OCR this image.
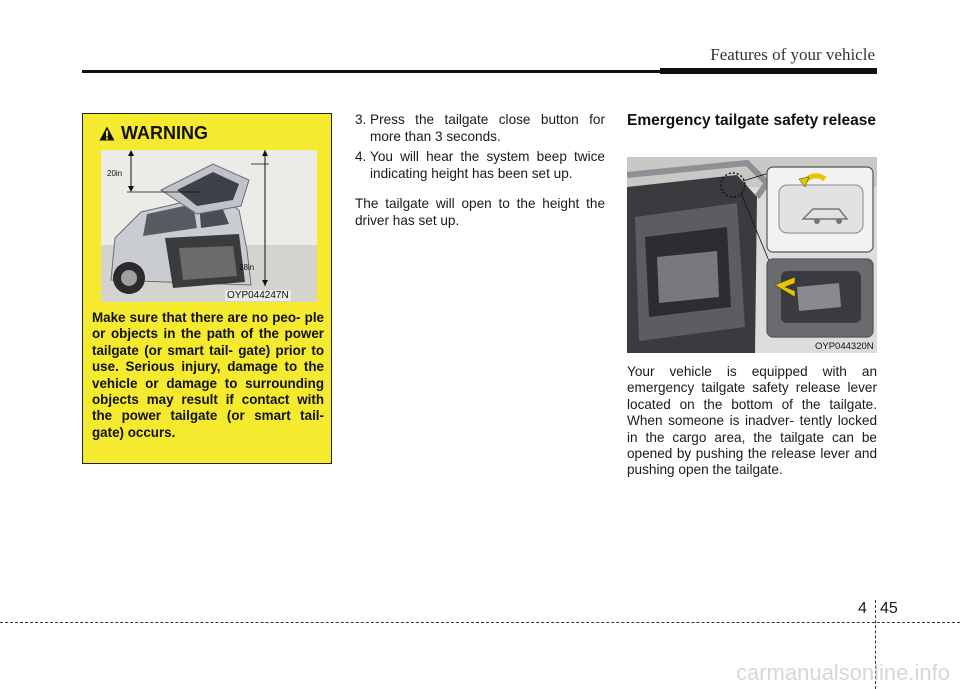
Features of your vehicle
WARNING
20in
28in
OYP044247N
Make sure that there are no peo- ple or objects in the path of the power tailgate (or smart tail- gate) prior to use. Serious injury, damage to the vehicle or damage to surrounding objects may result if contact with the power tailgate (or smart tail- gate) occurs.
3. Press the tailgate close button for more than 3 seconds.
4. You will hear the system beep twice indicating height has been set up.
The tailgate will open to the height the driver has set up.
Emergency tailgate safety release
OYP044320N
Your vehicle is equipped with an emergency tailgate safety release lever located on the bottom of the tailgate. When someone is inadver- tently locked in the cargo area, the tailgate can be opened by pushing the release lever and pushing open the tailgate.
4 45
carmanualsonline.info
